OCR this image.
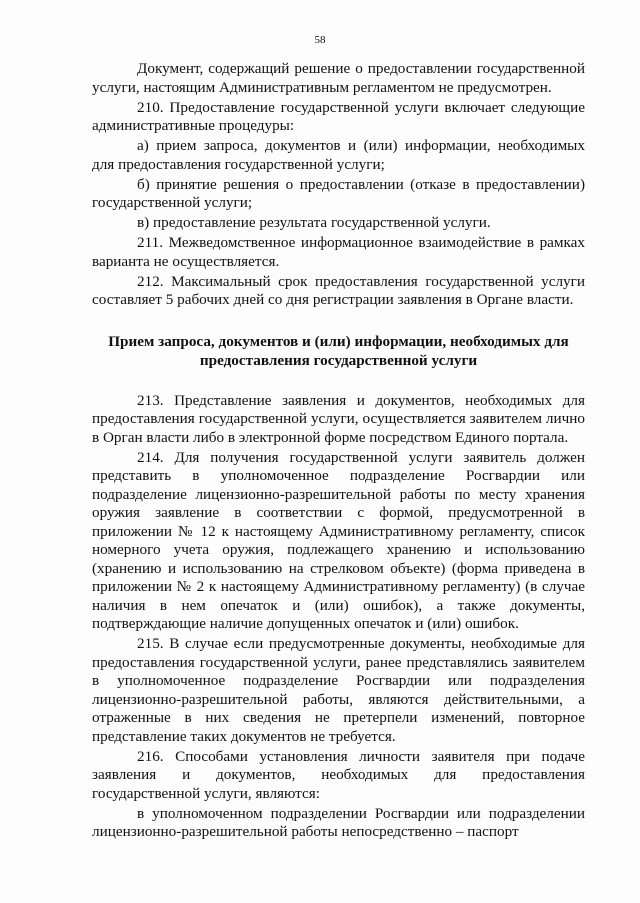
58

Документ, содержащий решение о предоставлении государственной услуги, настоящим Административным регламентом не предусмотрен.

210. Предоставление государственной услуги включает следующие административные процедуры:

а) прием запроса, документов и (или) информации, необходимых для предоставления государственной услуги;

б) принятие решения о предоставлении (отказе в предоставлении) государственной услуги;

в) предоставление результата государственной услуги.

211. Межведомственное информационное взаимодействие в рамках варианта не осуществляется.

212. Максимальный срок предоставления государственной услуги составляет 5 рабочих дней со дня регистрации заявления в Органе власти.

Прием запроса, документов и (или) информации, необходимых для предоставления государственной услуги

213. Представление заявления и документов, необходимых для предоставления государственной услуги, осуществляется заявителем лично в Орган власти либо в электронной форме посредством Единого портала.

214. Для получения государственной услуги заявитель должен представить в уполномоченное подразделение Росгвардии или подразделение лицензионно-разрешительной работы по месту хранения оружия заявление в соответствии с формой, предусмотренной в приложении № 12 к настоящему Административному регламенту, список номерного учета оружия, подлежащего хранению и использованию (хранению и использованию на стрелковом объекте) (форма приведена в приложении № 2 к настоящему Административному регламенту) (в случае наличия в нем опечаток и (или) ошибок), а также документы, подтверждающие наличие допущенных опечаток и (или) ошибок.

215. В случае если предусмотренные документы, необходимые для предоставления государственной услуги, ранее представлялись заявителем в уполномоченное подразделение Росгвардии или подразделения лицензионно-разрешительной работы, являются действительными, а отраженные в них сведения не претерпели изменений, повторное представление таких документов не требуется.

216. Способами установления личности заявителя при подаче заявления и документов, необходимых для предоставления государственной услуги, являются:

в уполномоченном подразделении Росгвардии или подразделении лицензионно-разрешительной работы непосредственно – паспорт
